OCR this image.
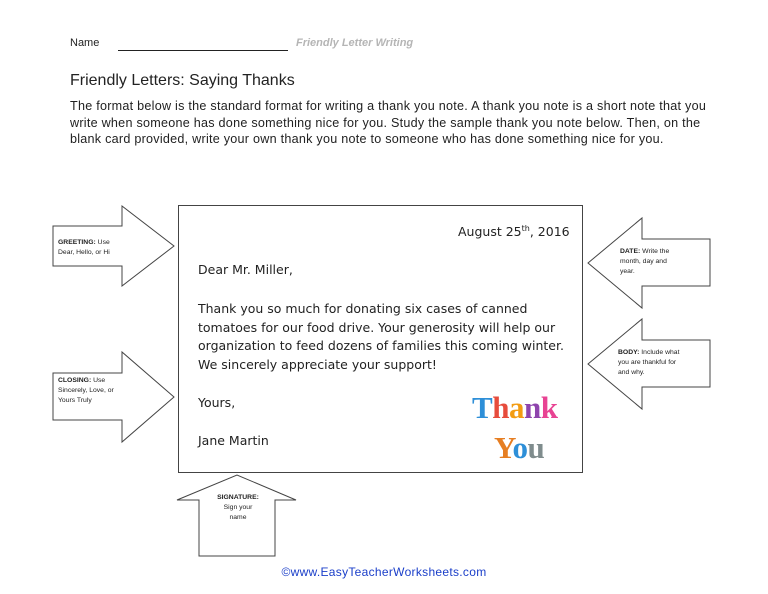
Name	Friendly Letter Writing
Friendly Letters: Saying Thanks
The format below is the standard format for writing a thank you note. A thank you note is a short note that you write when someone has done something nice for you. Study the sample thank you note below. Then, on the blank card provided, write your own thank you note to someone who has done something nice for you.
GREETING: Use
Dear, Hello, or Hi
CLOSING: Use
Sincerely, Love, or
Yours Truly
DATE: Write the
month, day and
year.
BODY: Include what
you are thankful for
and why.
SIGNATURE:
Sign your
name
August 25th, 2016
Dear Mr. Miller,
Thank you so much for donating six cases of canned
tomatoes for our food drive. Your generosity will help our
organization to feed dozens of families this coming winter.
We sincerely appreciate your support!
Yours,
Jane Martin
Thank
You
©www.EasyTeacherWorksheets.com
